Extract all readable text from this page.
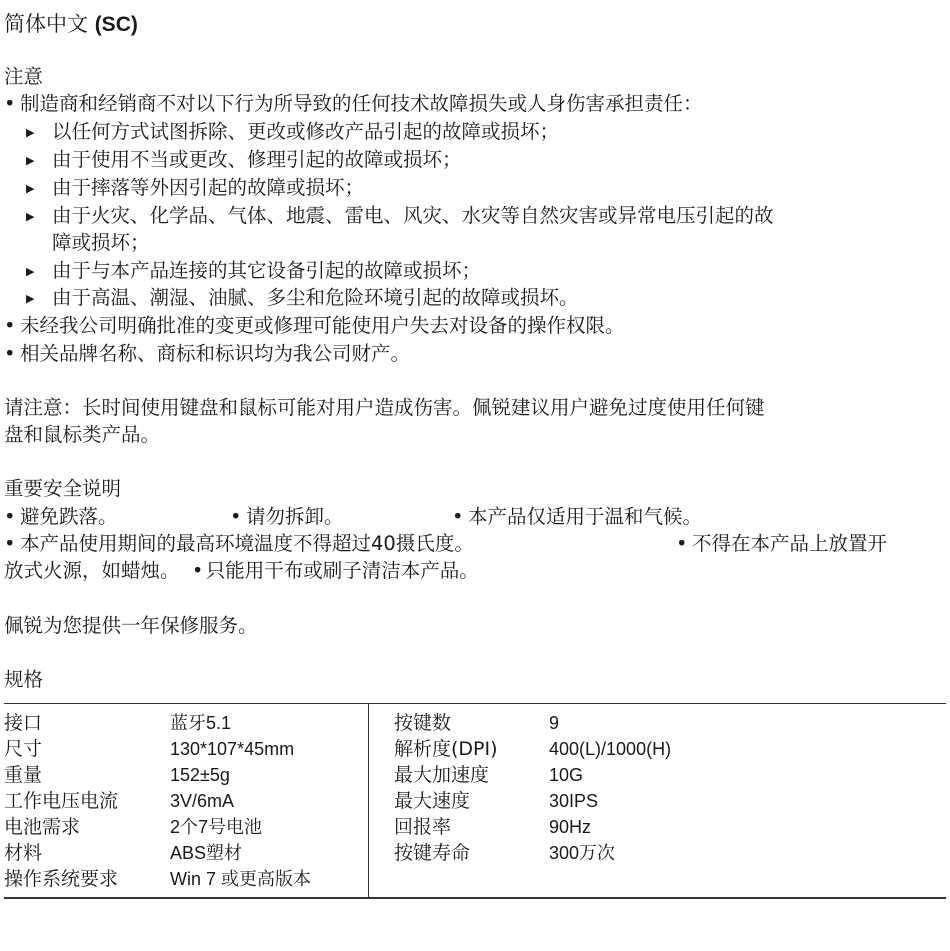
简体中文 (SC)
注意
• 制造商和经销商不对以下行为所导致的任何技术故障损失或人身伤害承担责任：
▶ 以任何方式试图拆除、更改或修改产品引起的故障或损坏；
▶ 由于使用不当或更改、修理引起的故障或损坏；
▶ 由于摔落等外因引起的故障或损坏；
▶ 由于火灾、化学品、气体、地震、雷电、风灾、水灾等自然灾害或异常电压引起的故
障或损坏；
▶ 由于与本产品连接的其它设备引起的故障或损坏；
▶ 由于高温、潮湿、油腻、多尘和危险环境引起的故障或损坏。
• 未经我公司明确批准的变更或修理可能使用户失去对设备的操作权限。
• 相关品牌名称、商标和标识均为我公司财产。
请注意：长时间使用键盘和鼠标可能对用户造成伤害。佩锐建议用户避免过度使用任何键
盘和鼠标类产品。
重要安全说明
• 避免跌落。	• 请勿拆卸。	• 本产品仅适用于温和气候。
• 本产品使用期间的最高环境温度不得超过40摄氏度。	• 不得在本产品上放置开
放式火源，如蜡烛。  • 只能用干布或刷子清洁本产品。
佩锐为您提供一年保修服务。
规格
接口	蓝牙5.1
尺寸	130*107*45mm
重量	152±5g
工作电压电流	3V/6mA
电池需求	2个7号电池
材料	ABS塑材
操作系统要求	Win 7 或更高版本
按键数	9
解析度(DPI)	400(L)/1000(H)
最大加速度	10G
最大速度	30IPS
回报率	90Hz
按键寿命	300万次
